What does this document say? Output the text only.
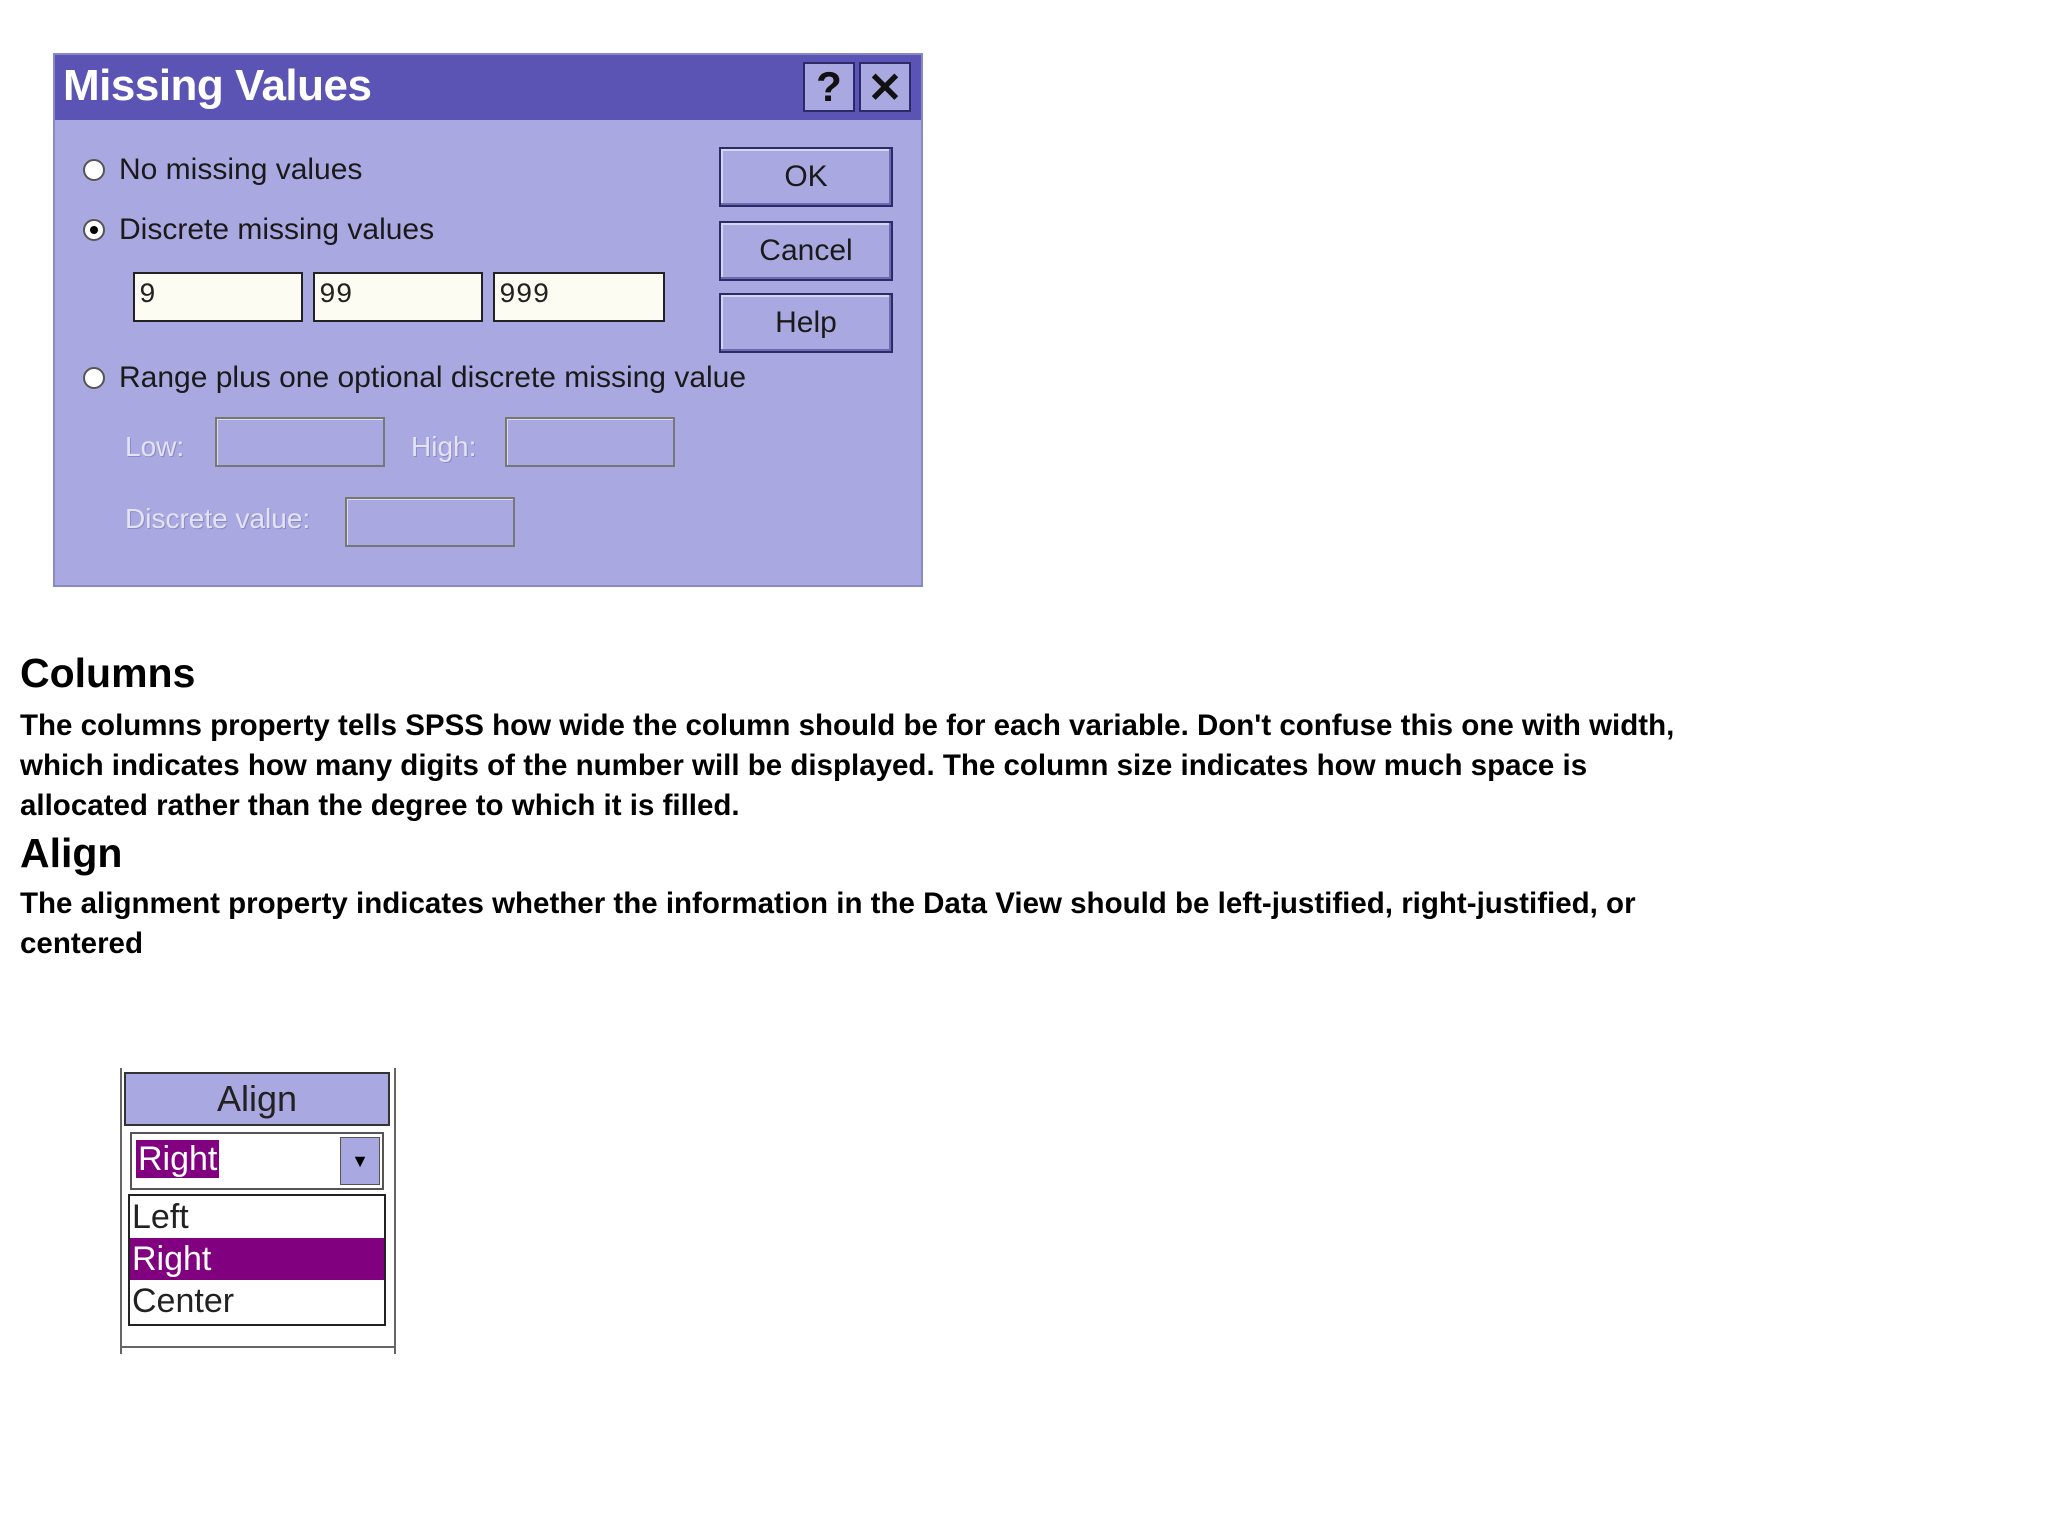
Missing Values	? ✕
No missing values
Discrete missing values
9	99	999
Range plus one optional discrete missing value
Low:	High:
Discrete value:
OK
Cancel
Help
Columns
The columns property tells SPSS how wide the column should be for each variable. Don't confuse this one with width, which indicates how many digits of the number will be displayed. The column size indicates how much space is allocated rather than the degree to which it is filled.
Align
The alignment property indicates whether the information in the Data View should be left-justified, right-justified, or centered
Align
Right	▼
Left
Right
Center
